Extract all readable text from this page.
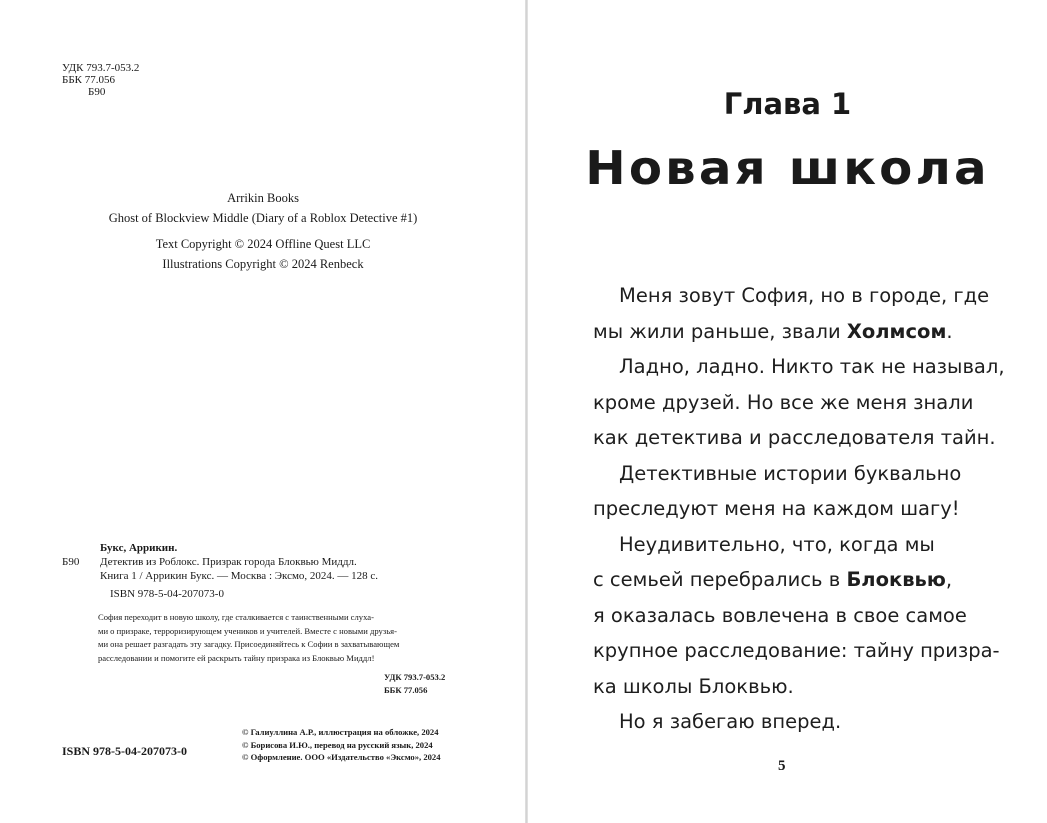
УДК 793.7-053.2
ББК 77.056
Б90
Arrikin Books
Ghost of Blockview Middle (Diary of a Roblox Detective #1)
Text Copyright © 2024 Offline Quest LLC
Illustrations Copyright © 2024 Renbeck
Б90
Букс, Аррикин.
Детектив из Роблокс. Призрак города Блоквью Миддл.
Книга 1 / Аррикин Букс. — Москва : Эксмо, 2024. — 128 с.
ISBN 978-5-04-207073-0
София переходит в новую школу, где сталкивается с таинственными слуха-
ми о призраке, терроризирующем учеников и учителей. Вместе с новыми друзья-
ми она решает разгадать эту загадку. Присоединяйтесь к Софии в захватывающем
расследовании и помогите ей раскрыть тайну призрака из Блоквью Миддл!
УДК 793.7-053.2
ББК 77.056
© Галиуллина А.Р., иллюстрация на обложке, 2024
© Борисова И.Ю., перевод на русский язык, 2024
© Оформление. ООО «Издательство «Эксмо», 2024
ISBN 978-5-04-207073-0
Глава 1
Новая школа
Меня зовут София, но в городе, где
мы жили раньше, звали Холмсом.
Ладно, ладно. Никто так не называл,
кроме друзей. Но все же меня знали
как детектива и расследователя тайн.
Детективные истории буквально
преследуют меня на каждом шагу!
Неудивительно, что, когда мы
с семьей перебрались в Блоквью,
я оказалась вовлечена в свое самое
крупное расследование: тайну призра-
ка школы Блоквью.
Но я забегаю вперед.
5
